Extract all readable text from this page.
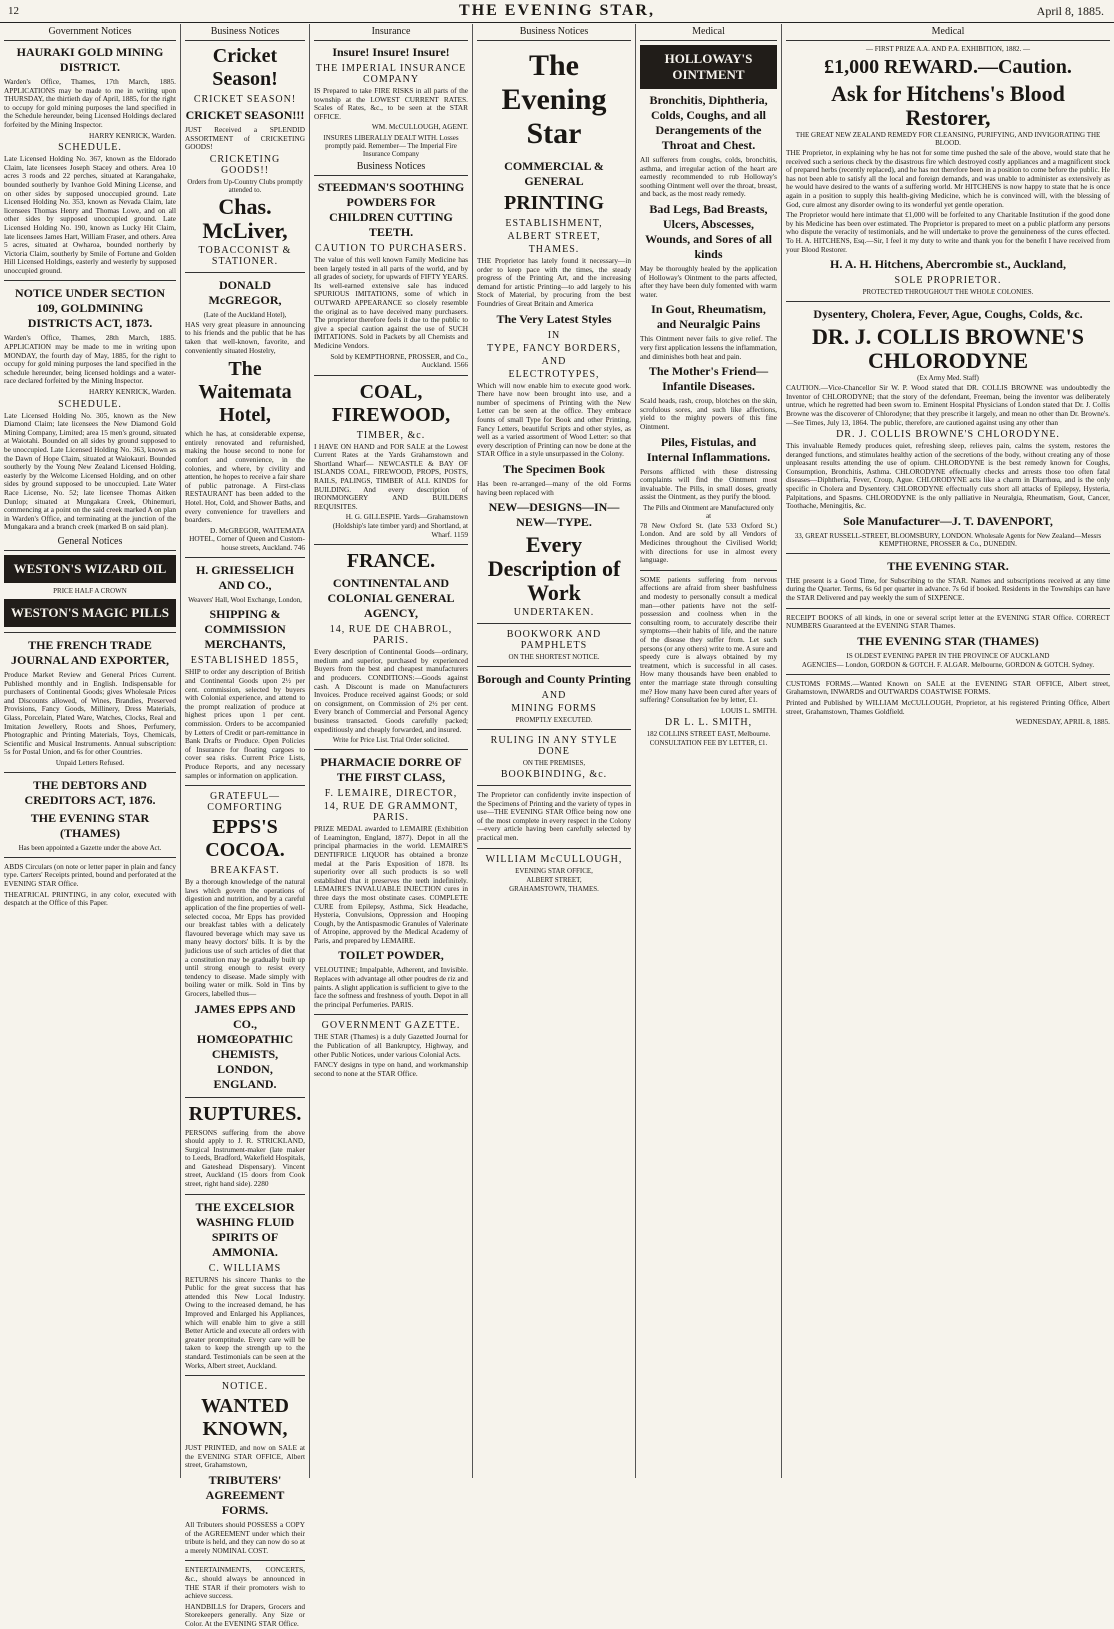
12	THE EVENING STAR,	April 8, 1885.
Government Notices
HAURAKI GOLD MINING DISTRICT.
Warden's Office, Thames, 17th March, 1885. APPLICATIONS may be made to me in writing upon THURSDAY, the thirtieth day of April, 1885, for the right to occupy for gold mining purposes the land specified in the Schedule hereunder, being Licensed Holdings declared forfeited by the Mining Inspector.
HARRY KENRICK, Warden.
SCHEDULE.
Late Licensed Holding No. 367, known as the Eldorado Claim, late licensees Joseph Stacey and others. Area 10 acres 3 roods and 22 perches, situated at Karangahake, bounded southerly by Ivanhoe Gold Mining License, and on other sides by supposed unoccupied ground. Late Licensed Holding No. 353, known as Nevada Claim, late licensees Thomas Henry and Thomas Lowe, and on all other sides by supposed unoccupied ground. Late Licensed Holding No. 190, known as Lucky Hit Claim, late licensees James Hart, William Fraser, and others. Area 5 acres, situated at Owharoa, bounded northerly by Victoria Claim, southerly by Smile of Fortune and Golden Hill Licensed Holdings, easterly and westerly by supposed unoccupied ground.
NOTICE UNDER SECTION 109, GOLDMINING DISTRICTS ACT, 1873.
Warden's Office, Thames, 28th March, 1885. APPLICATION may be made to me in writing upon MONDAY, the fourth day of May, 1885, for the right to occupy for gold mining purposes the land specified in the schedule hereunder, being licensed holdings and a water-race declared forfeited by the Mining Inspector.
HARRY KENRICK, Warden.
SCHEDULE.
Late Licensed Holding No. 305, known as the New Diamond Claim; late licensees the New Diamond Gold Mining Company, Limited; area 15 men's ground, situated at Waiotahi. Bounded on all sides by ground supposed to be unoccupied. Late Licensed Holding No. 363, known as the Dawn of Hope Claim, situated at Waiokauri. Bounded southerly by the Young New Zealand Licensed Holding, easterly by the Welcome Licensed Holding, and on other sides by ground supposed to be unoccupied. Late Water Race License, No. 52; late licensee Thomas Aitken Dunlop; situated at Mungakara Creek, Ohinemuri, commencing at a point on the said creek marked A on plan in Warden's Office, and terminating at the junction of the Mungakara and a branch creek (marked B on said plan).
General Notices
WESTON'S WIZARD OIL
PRICE HALF A CROWN
WESTON'S MAGIC PILLS
THE FRENCH TRADE JOURNAL AND EXPORTER,
Produce Market Review and General Prices Current. Published monthly and in English. Indispensable for purchasers of Continental Goods; gives Wholesale Prices and Discounts allowed, of Wines, Brandies, Preserved Provisions, Fancy Goods, Millinery, Dress Materials, Glass, Porcelain, Plated Ware, Watches, Clocks, Real and Imitation Jewellery, Roots and Shoes, Perfumery, Photographic and Printing Materials, Toys, Chemicals, Scientific and Musical Instruments. Annual subscription: 5s for Postal Union, and 6s for other Countries.
Unpaid Letters Refused.
THE DEBTORS AND CREDITORS ACT, 1876.
THE EVENING STAR (THAMES)
Has been appointed a Gazette under the above Act.
ABDS Circulars (on note or letter paper in plain and fancy type. Carters' Receipts printed, bound and perforated at the EVENING STAR Office.
THEATRICAL PRINTING, in any color, executed with despatch at the Office of this Paper.
Business Notices
Cricket Season!
CRICKET SEASON!
CRICKET SEASON!!!
JUST Received a SPLENDID ASSORTMENT of CRICKETING GOODS!
CRICKETING GOODS!!
Orders from Up-Country Clubs promptly attended to.
Chas. McLiver,
TOBACCONIST & STATIONER.
DONALD McGREGOR,
(Late of the Auckland Hotel),
HAS very great pleasure in announcing to his friends and the public that he has taken that well-known, favorite, and conveniently situated Hostelry,
The Waitemata Hotel,
which he has, at considerable expense, entirely renovated and refurnished, making the house second to none for comfort and convenience, in the colonies, and where, by civility and attention, he hopes to receive a fair share of public patronage. A First-class RESTAURANT has been added to the Hotel. Hot, Cold, and Shower Baths, and every convenience for travellers and boarders.
D. McGREGOR, WAITEMATA HOTEL, Corner of Queen and Custom-house streets, Auckland. 746
H. GRIESSELICH AND CO.,
Weavers' Hall, Wool Exchange, London,
SHIPPING & COMMISSION MERCHANTS,
ESTABLISHED 1855,
SHIP to order any description of British and Continental Goods upon 2½ per cent. commission, selected by buyers with Colonial experience, and attend to the prompt realization of produce at highest prices upon 1 per cent. commission. Orders to be accompanied by Letters of Credit or part-remittance in Bank Drafts or Produce. Open Policies of Insurance for floating cargoes to cover sea risks. Current Price Lists, Produce Reports, and any necessary samples or information on application.
GRATEFUL—COMFORTING
EPPS'S COCOA.
BREAKFAST.
By a thorough knowledge of the natural laws which govern the operations of digestion and nutrition, and by a careful application of the fine properties of well-selected cocoa, Mr Epps has provided our breakfast tables with a delicately flavoured beverage which may save us many heavy doctors' bills. It is by the judicious use of such articles of diet that a constitution may be gradually built up until strong enough to resist every tendency to disease. Made simply with boiling water or milk. Sold in Tins by Grocers, labelled thus—
JAMES EPPS AND CO., HOMŒOPATHIC CHEMISTS, LONDON, ENGLAND.
RUPTURES.
PERSONS suffering from the above should apply to J. R. STRICKLAND, Surgical Instrument-maker (late maker to Leeds, Bradford, Wakefield Hospitals, and Gateshead Dispensary). Vincent street, Auckland (15 doors from Cook street, right hand side). 2280
THE EXCELSIOR WASHING FLUID SPIRITS OF AMMONIA.
C. WILLIAMS
RETURNS his sincere Thanks to the Public for the great success that has attended this New Local Industry. Owing to the increased demand, he has Improved and Enlarged his Appliances, which will enable him to give a still Better Article and execute all orders with greater promptitude. Every care will be taken to keep the strength up to the standard. Testimonials can be seen at the Works, Albert street, Auckland.
NOTICE.
WANTED KNOWN,
JUST PRINTED, and now on SALE at the EVENING STAR OFFICE, Albert street, Grahamstown,
TRIBUTERS' AGREEMENT FORMS.
All Tributers should POSSESS a COPY of the AGREEMENT under which their tribute is held, and they can now do so at a merely NOMINAL COST.
ENTERTAINMENTS, CONCERTS, &c., should always be announced in THE STAR if their promoters wish to achieve success.
HANDBILLS for Drapers, Grocers and Storekeepers generally. Any Size or Color. At the EVENING STAR Office.
Insurance
Insure! Insure! Insure!
THE IMPERIAL INSURANCE COMPANY
IS Prepared to take FIRE RISKS in all parts of the township at the LOWEST CURRENT RATES. Scales of Rates, &c., to be seen at the STAR OFFICE.
WM. McCULLOUGH, AGENT.
INSURES LIBERALLY DEALT WITH. Losses promptly paid. Remember— The Imperial Fire Insurance Company
Business Notices
STEEDMAN'S SOOTHING POWDERS FOR CHILDREN CUTTING TEETH.
CAUTION TO PURCHASERS.
The value of this well known Family Medicine has been largely tested in all parts of the world, and by all grades of society, for upwards of FIFTY YEARS. Its well-earned extensive sale has induced SPURIOUS IMITATIONS, some of which in OUTWARD APPEARANCE so closely resemble the original as to have deceived many purchasers. The proprietor therefore feels it due to the public to give a special caution against the use of SUCH IMITATIONS. Sold in Packets by all Chemists and Medicine Vendors.
Sold by KEMPTHORNE, PROSSER, and Co., Auckland. 1566
COAL, FIREWOOD,
TIMBER, &c.
I HAVE ON HAND and FOR SALE at the Lowest Current Rates at the Yards Grahamstown and Shortland Wharf— NEWCASTLE & BAY OF ISLANDS COAL, FIREWOOD, PROPS, POSTS, RAILS, PALINGS, TIMBER of ALL KINDS for BUILDING. And every description of IRONMONGERY AND BUILDERS REQUISITES.
H. G. GILLESPIE. Yards—Grahamstown (Holdship's late timber yard) and Shortland, at Wharf. 1159
FRANCE.
CONTINENTAL AND COLONIAL GENERAL AGENCY,
14, RUE DE CHABROL, PARIS.
Every description of Continental Goods—ordinary, medium and superior, purchased by experienced Buyers from the best and cheapest manufacturers and producers. CONDITIONS:—Goods against cash. A Discount is made on Manufacturers Invoices. Produce received against Goods; or sold on consignment, on Commission of 2½ per cent. Every branch of Commercial and Personal Agency business transacted. Goods carefully packed; expeditiously and cheaply forwarded, and insured.
Write for Price List. Trial Order solicited.
PHARMACIE DORRE OF THE FIRST CLASS,
F. LEMAIRE, DIRECTOR,
14, RUE DE GRAMMONT, PARIS.
PRIZE MEDAL awarded to LEMAIRE (Exhibition of Leamington, England, 1877). Depot in all the principal pharmacies in the world. LEMAIRE'S DENTIFRICE LIQUOR has obtained a bronze medal at the Paris Exposition of 1878. Its superiority over all such products is so well established that it preserves the teeth indefinitely. LEMAIRE'S INVALUABLE INJECTION cures in three days the most obstinate cases. COMPLETE CURE from Epilepsy, Asthma, Sick Headache, Hysteria, Convulsions, Oppression and Hooping Cough, by the Antispasmodic Granules of Valerinate of Atropine, approved by the Medical Academy of Paris, and prepared by LEMAIRE.
TOILET POWDER,
VELOUTINE; Impalpable, Adherent, and Invisible. Replaces with advantage all other poudres de riz and paints. A slight application is sufficient to give to the face the softness and freshness of youth. Depot in all the principal Perfumeries. PARIS.
GOVERNMENT GAZETTE.
THE STAR (Thames) is a duly Gazetted Journal for the Publication of all Bankruptcy, Highway, and other Public Notices, under various Colonial Acts.
FANCY designs in type on hand, and workmanship second to none at the STAR Office.
Business Notices
The Evening Star
COMMERCIAL & GENERAL
PRINTING
ESTABLISHMENT,
ALBERT STREET,
THAMES.
THE Proprietor has lately found it necessary—in order to keep pace with the times, the steady progress of the Printing Art, and the increasing demand for artistic Printing—to add largely to his Stock of Material, by procuring from the best Foundries of Great Britain and America
The Very Latest Styles
IN
TYPE, FANCY BORDERS,
AND
ELECTROTYPES,
Which will now enable him to execute good work. There have now been brought into use, and a number of specimens of Printing with the New Letter can be seen at the office. They embrace founts of small Type for Book and other Printing, Fancy Letters, beautiful Scripts and other styles, as well as a varied assortment of Wood Letter: so that every description of Printing can now be done at the STAR Office in a style unsurpassed in the Colony.
The Specimen Book
Has been re-arranged—many of the old Forms having been replaced with
NEW—DESIGNS—IN—NEW—TYPE.
Every Description of Work
UNDERTAKEN.
BOOKWORK AND PAMPHLETS
ON THE SHORTEST NOTICE.
Borough and County Printing
AND
MINING FORMS
PROMPTLY EXECUTED.
RULING IN ANY STYLE DONE
ON THE PREMISES,
BOOKBINDING, &c.
The Proprietor can confidently invite inspection of the Specimens of Printing and the variety of types in use—THE EVENING STAR Office being now one of the most complete in every respect in the Colony—every article having been carefully selected by practical men.
WILLIAM McCULLOUGH,
EVENING STAR OFFICE,
ALBERT STREET,
GRAHAMSTOWN, THAMES.
Medical
HOLLOWAY'S OINTMENT
Bronchitis, Diphtheria, Colds, Coughs, and all Derangements of the Throat and Chest.
All sufferers from coughs, colds, bronchitis, asthma, and irregular action of the heart are earnestly recommended to rub Holloway's soothing Ointment well over the throat, breast, and back, as the most ready remedy.
Bad Legs, Bad Breasts, Ulcers, Abscesses, Wounds, and Sores of all kinds
May be thoroughly healed by the application of Holloway's Ointment to the parts affected, after they have been duly fomented with warm water.
In Gout, Rheumatism, and Neuralgic Pains
This Ointment never fails to give relief. The very first application lessens the inflammation, and diminishes both heat and pain.
The Mother's Friend—Infantile Diseases.
Scald heads, rash, croup, blotches on the skin, scrofulous sores, and such like affections, yield to the mighty powers of this fine Ointment.
Piles, Fistulas, and Internal Inflammations.
Persons afflicted with these distressing complaints will find the Ointment most invaluable. The Pills, in small doses, greatly assist the Ointment, as they purify the blood.
The Pills and Ointment are Manufactured only at
78 New Oxford St. (late 533 Oxford St.) London. And are sold by all Vendors of Medicines throughout the Civilised World; with directions for use in almost every language.
SOME patients suffering from nervous affections are afraid from sheer bashfulness and modesty to personally consult a medical man—other patients have not the self-possession and coolness when in the consulting room, to accurately describe their symptoms—their habits of life, and the nature of the disease they suffer from. Let such persons (or any others) write to me. A sure and speedy cure is always obtained by my treatment, which is successful in all cases. How many thousands have been enabled to enter the marriage state through consulting me? How many have been cured after years of suffering? Consultation fee by letter, £1.
LOUIS L. SMITH.
DR L. L. SMITH,
182 COLLINS STREET EAST, Melbourne.
CONSULTATION FEE BY LETTER, £1.
Medical
— FIRST PRIZE A.A. AND P.A. EXHIBITION, 1882. —
£1,000 REWARD.—Caution.
Ask for Hitchens's Blood Restorer,
THE GREAT NEW ZEALAND REMEDY FOR CLEANSING, PURIFYING, AND INVIGORATING THE BLOOD.
THE Proprietor, in explaining why he has not for some time pushed the sale of the above, would state that he received such a serious check by the disastrous fire which destroyed costly appliances and a magnificent stock of prepared herbs (recently replaced), and he has not therefore been in a position to come before the public. He has not been able to satisfy all the local and foreign demands, and was unable to administer as extensively as he would have desired to the wants of a suffering world. Mr HITCHENS is now happy to state that he is once again in a position to supply this health-giving Medicine, which he is convinced will, with the blessing of God, cure almost any disorder owing to its wonderful yet gentle operation.
The Proprietor would here intimate that £1,000 will be forfeited to any Charitable Institution if the good done by his Medicine has been over estimated. The Proprietor is prepared to meet on a public platform any persons who dispute the veracity of testimonials, and he will undertake to prove the genuineness of the cures effected. To H. A. HITCHENS, Esq.—Sir, I feel it my duty to write and thank you for the benefit I have received from your Blood Restorer.
H. A. H. Hitchens, Abercrombie st., Auckland,
SOLE PROPRIETOR.
PROTECTED THROUGHOUT THE WHOLE COLONIES.
Dysentery, Cholera, Fever, Ague, Coughs, Colds, &c.
DR. J. COLLIS BROWNE'S CHLORODYNE
(Ex Army Med. Staff)
CAUTION.—Vice-Chancellor Sir W. P. Wood stated that DR. COLLIS BROWNE was undoubtedly the Inventor of CHLORODYNE; that the story of the defendant, Freeman, being the inventor was deliberately untrue, which he regretted had been sworn to. Eminent Hospital Physicians of London stated that Dr. J. Collis Browne was the discoverer of Chlorodyne; that they prescribe it largely, and mean no other than Dr. Browne's.—See Times, July 13, 1864. The public, therefore, are cautioned against using any other than
DR. J. COLLIS BROWNE'S CHLORODYNE.
This invaluable Remedy produces quiet, refreshing sleep, relieves pain, calms the system, restores the deranged functions, and stimulates healthy action of the secretions of the body, without creating any of those unpleasant results attending the use of opium. CHLORODYNE is the best remedy known for Coughs, Consumption, Bronchitis, Asthma. CHLORODYNE effectually checks and arrests those too often fatal diseases—Diphtheria, Fever, Croup, Ague. CHLORODYNE acts like a charm in Diarrhœa, and is the only specific in Cholera and Dysentery. CHLORODYNE effectually cuts short all attacks of Epilepsy, Hysteria, Palpitations, and Spasms. CHLORODYNE is the only palliative in Neuralgia, Rheumatism, Gout, Cancer, Toothache, Meningitis, &c.
Sole Manufacturer—J. T. DAVENPORT,
33, GREAT RUSSELL-STREET, BLOOMSBURY, LONDON. Wholesale Agents for New Zealand—Messrs KEMPTHORNE, PROSSER & Co., DUNEDIN.
THE EVENING STAR.
THE present is a Good Time, for Subscribing to the STAR. Names and subscriptions received at any time during the Quarter. Terms, 6s 6d per quarter in advance. 7s 6d if booked. Residents in the Townships can have the STAR Delivered and pay weekly the sum of SIXPENCE.
RECEIPT BOOKS of all kinds, in one or several script letter at the EVENING STAR Office. CORRECT NUMBERS Guaranteed at the EVENING STAR Thames.
THE EVENING STAR (THAMES)
IS OLDEST EVENING PAPER IN THE PROVINCE OF AUCKLAND
AGENCIES— London, GORDON & GOTCH. F. ALGAR. Melbourne, GORDON & GOTCH. Sydney.
CUSTOMS FORMS.—Wanted Known on SALE at the EVENING STAR OFFICE, Albert street, Grahamstown, INWARDS and OUTWARDS COASTWISE FORMS.
Printed and Published by WILLIAM McCULLOUGH, Proprietor, at his registered Printing Office, Albert street, Grahamstown, Thames Goldfield.
WEDNESDAY, APRIL 8, 1885.
